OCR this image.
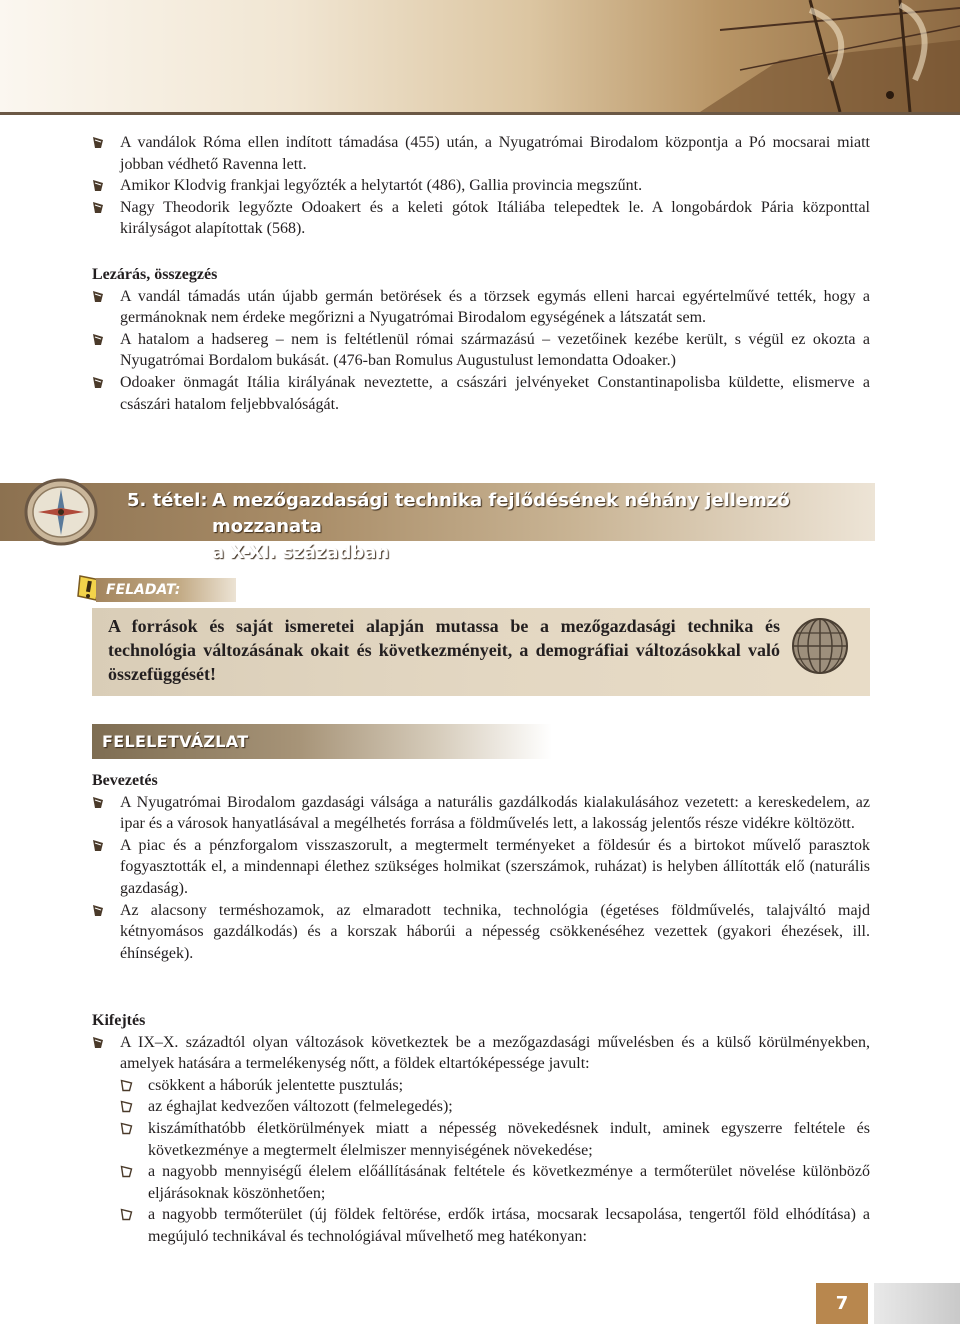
A vandálok Róma ellen indított támadása (455) után, a Nyugatrómai Birodalom központja a Pó mocsarai miatt jobban védhető Ravenna lett.
Amikor Klodvig frankjai legyőzték a helytartót (486), Gallia provincia megszűnt.
Nagy Theodorik legyőzte Odoakert és a keleti gótok Itáliába telepedtek le. A longobárdok Pária központtal királyságot alapítottak (568).
Lezárás, összegzés
A vandál támadás után újabb germán betörések és a törzsek egymás elleni harcai egyértelművé tették, hogy a germánoknak nem érdeke megőrizni a Nyugatrómai Birodalom egységének a látszatát sem.
A hatalom a hadsereg – nem is feltétlenül római származású – vezetőinek kezébe került, s végül ez okozta a Nyugatrómai Bordalom bukását. (476-ban Romulus Augustulust lemondatta Odoaker.)
Odoaker önmagát Itália királyának neveztette, a császári jelvényeket Constantinapolisba küldette, elismerve a császári hatalom feljebbvalóságát.
5. tétel: A mezőgazdasági technika fejlődésének néhány jellemző mozzanata
a X-XI. században
FELADAT:
A források és saját ismeretei alapján mutassa be a mezőgazdasági technika és technológia változásának okait és következményeit, a demográfiai változásokkal való összefüggését!
FELELETVÁZLAT
Bevezetés
A Nyugatrómai Birodalom gazdasági válsága a naturális gazdálkodás kialakulásához vezetett: a kereskedelem, az ipar és a városok hanyatlásával a megélhetés forrása a földművelés lett, a lakosság jelentős része vidékre költözött.
A piac és a pénzforgalom visszaszorult, a megtermelt terményeket a földesúr és a birtokot művelő parasztok fogyasztották el, a mindennapi élethez szükséges holmikat (szerszámok, ruházat) is helyben állították elő (naturális gazdaság).
Az alacsony terméshozamok, az elmaradott technika, technológia (égetéses földművelés, talajváltó majd kétnyomásos gazdálkodás) és a korszak háborúi a népesség csökkenéséhez vezettek (gyakori éhezések, ill. éhínségek).
Kifejtés
A IX–X. századtól olyan változások következtek be a mezőgazdasági művelésben és a külső körülményekben, amelyek hatására a termelékenység nőtt, a földek eltartóképessége javult:
csökkent a háborúk jelentette pusztulás;
az éghajlat kedvezően változott (felmelegedés);
kiszámíthatóbb életkörülmények miatt a népesség növekedésnek indult, aminek egyszerre feltétele és következménye a megtermelt élelmiszer mennyiségének növekedése;
a nagyobb mennyiségű élelem előállításának feltétele és következménye a termőterület növelése különböző eljárásoknak köszönhetően;
a nagyobb termőterület (új földek feltörése, erdők irtása, mocsarak lecsapolása, tengertől föld elhódítása) a megújuló technikával és technológiával művelhető meg hatékonyan:
7
